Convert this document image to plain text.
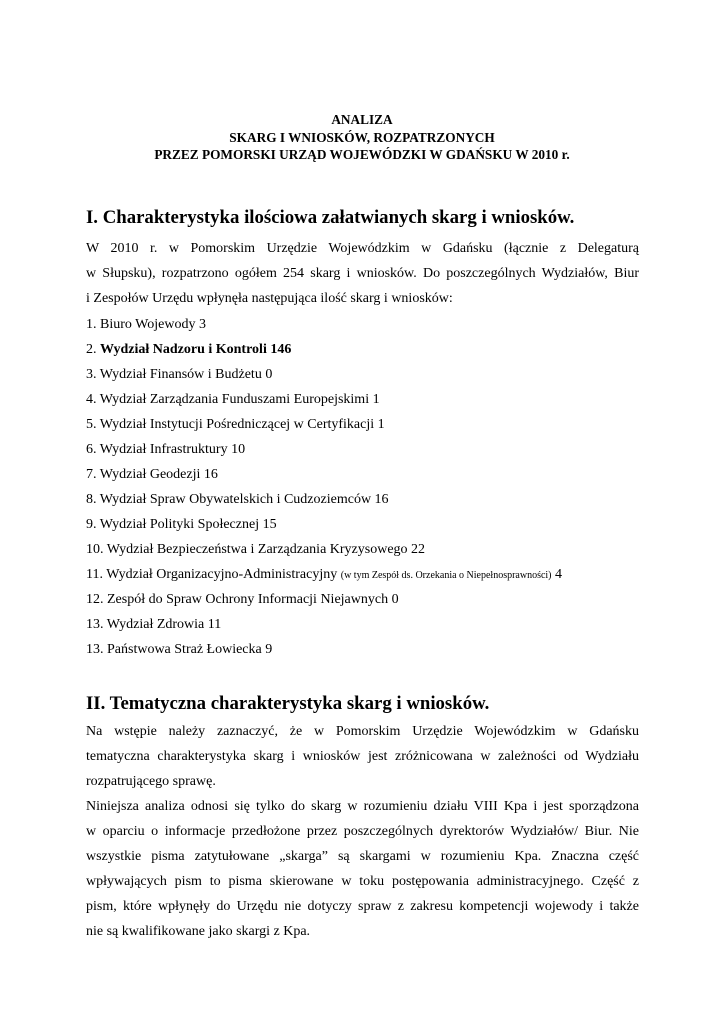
ANALIZA
SKARG I WNIOSKÓW, ROZPATRZONYCH
PRZEZ POMORSKI URZĄD WOJEWÓDZKI W GDAŃSKU W 2010 r.
I. Charakterystyka ilościowa załatwianych skarg i wniosków.
W 2010 r. w Pomorskim Urzędzie Wojewódzkim w Gdańsku (łącznie z Delegaturą
w Słupsku), rozpatrzono ogółem 254 skarg i wniosków. Do poszczególnych Wydziałów, Biur
i Zespołów Urzędu wpłynęła następująca ilość skarg i wniosków:
1. Biuro Wojewody 3
2. Wydział Nadzoru i Kontroli 146
3. Wydział Finansów i Budżetu 0
4. Wydział Zarządzania Funduszami Europejskimi 1
5. Wydział Instytucji Pośredniczącej w Certyfikacji 1
6. Wydział Infrastruktury 10
7. Wydział Geodezji 16
8. Wydział Spraw Obywatelskich i Cudzoziemców 16
9. Wydział Polityki Społecznej 15
10. Wydział Bezpieczeństwa i Zarządzania Kryzysowego 22
11. Wydział Organizacyjno-Administracyjny (w tym Zespół ds. Orzekania o Niepełnosprawności) 4
12. Zespół do Spraw Ochrony Informacji Niejawnych 0
13. Wydział Zdrowia 11
13. Państwowa Straż Łowiecka 9
II. Tematyczna charakterystyka skarg i wniosków.
Na wstępie należy zaznaczyć, że w Pomorskim Urzędzie Wojewódzkim w Gdańsku
tematyczna charakterystyka skarg i wniosków jest zróżnicowana w zależności od Wydziału
rozpatrującego sprawę.
Niniejsza analiza odnosi się tylko do skarg w rozumieniu działu VIII Kpa i jest sporządzona
w oparciu o informacje przedłożone przez poszczególnych dyrektorów Wydziałów/ Biur. Nie
wszystkie pisma zatytułowane „skarga” są skargami w rozumieniu Kpa. Znaczna część
wpływających pism to pisma skierowane w toku postępowania administracyjnego. Część z
pism, które wpłynęły do Urzędu nie dotyczy spraw z zakresu kompetencji wojewody i także
nie są kwalifikowane jako skargi z Kpa.
